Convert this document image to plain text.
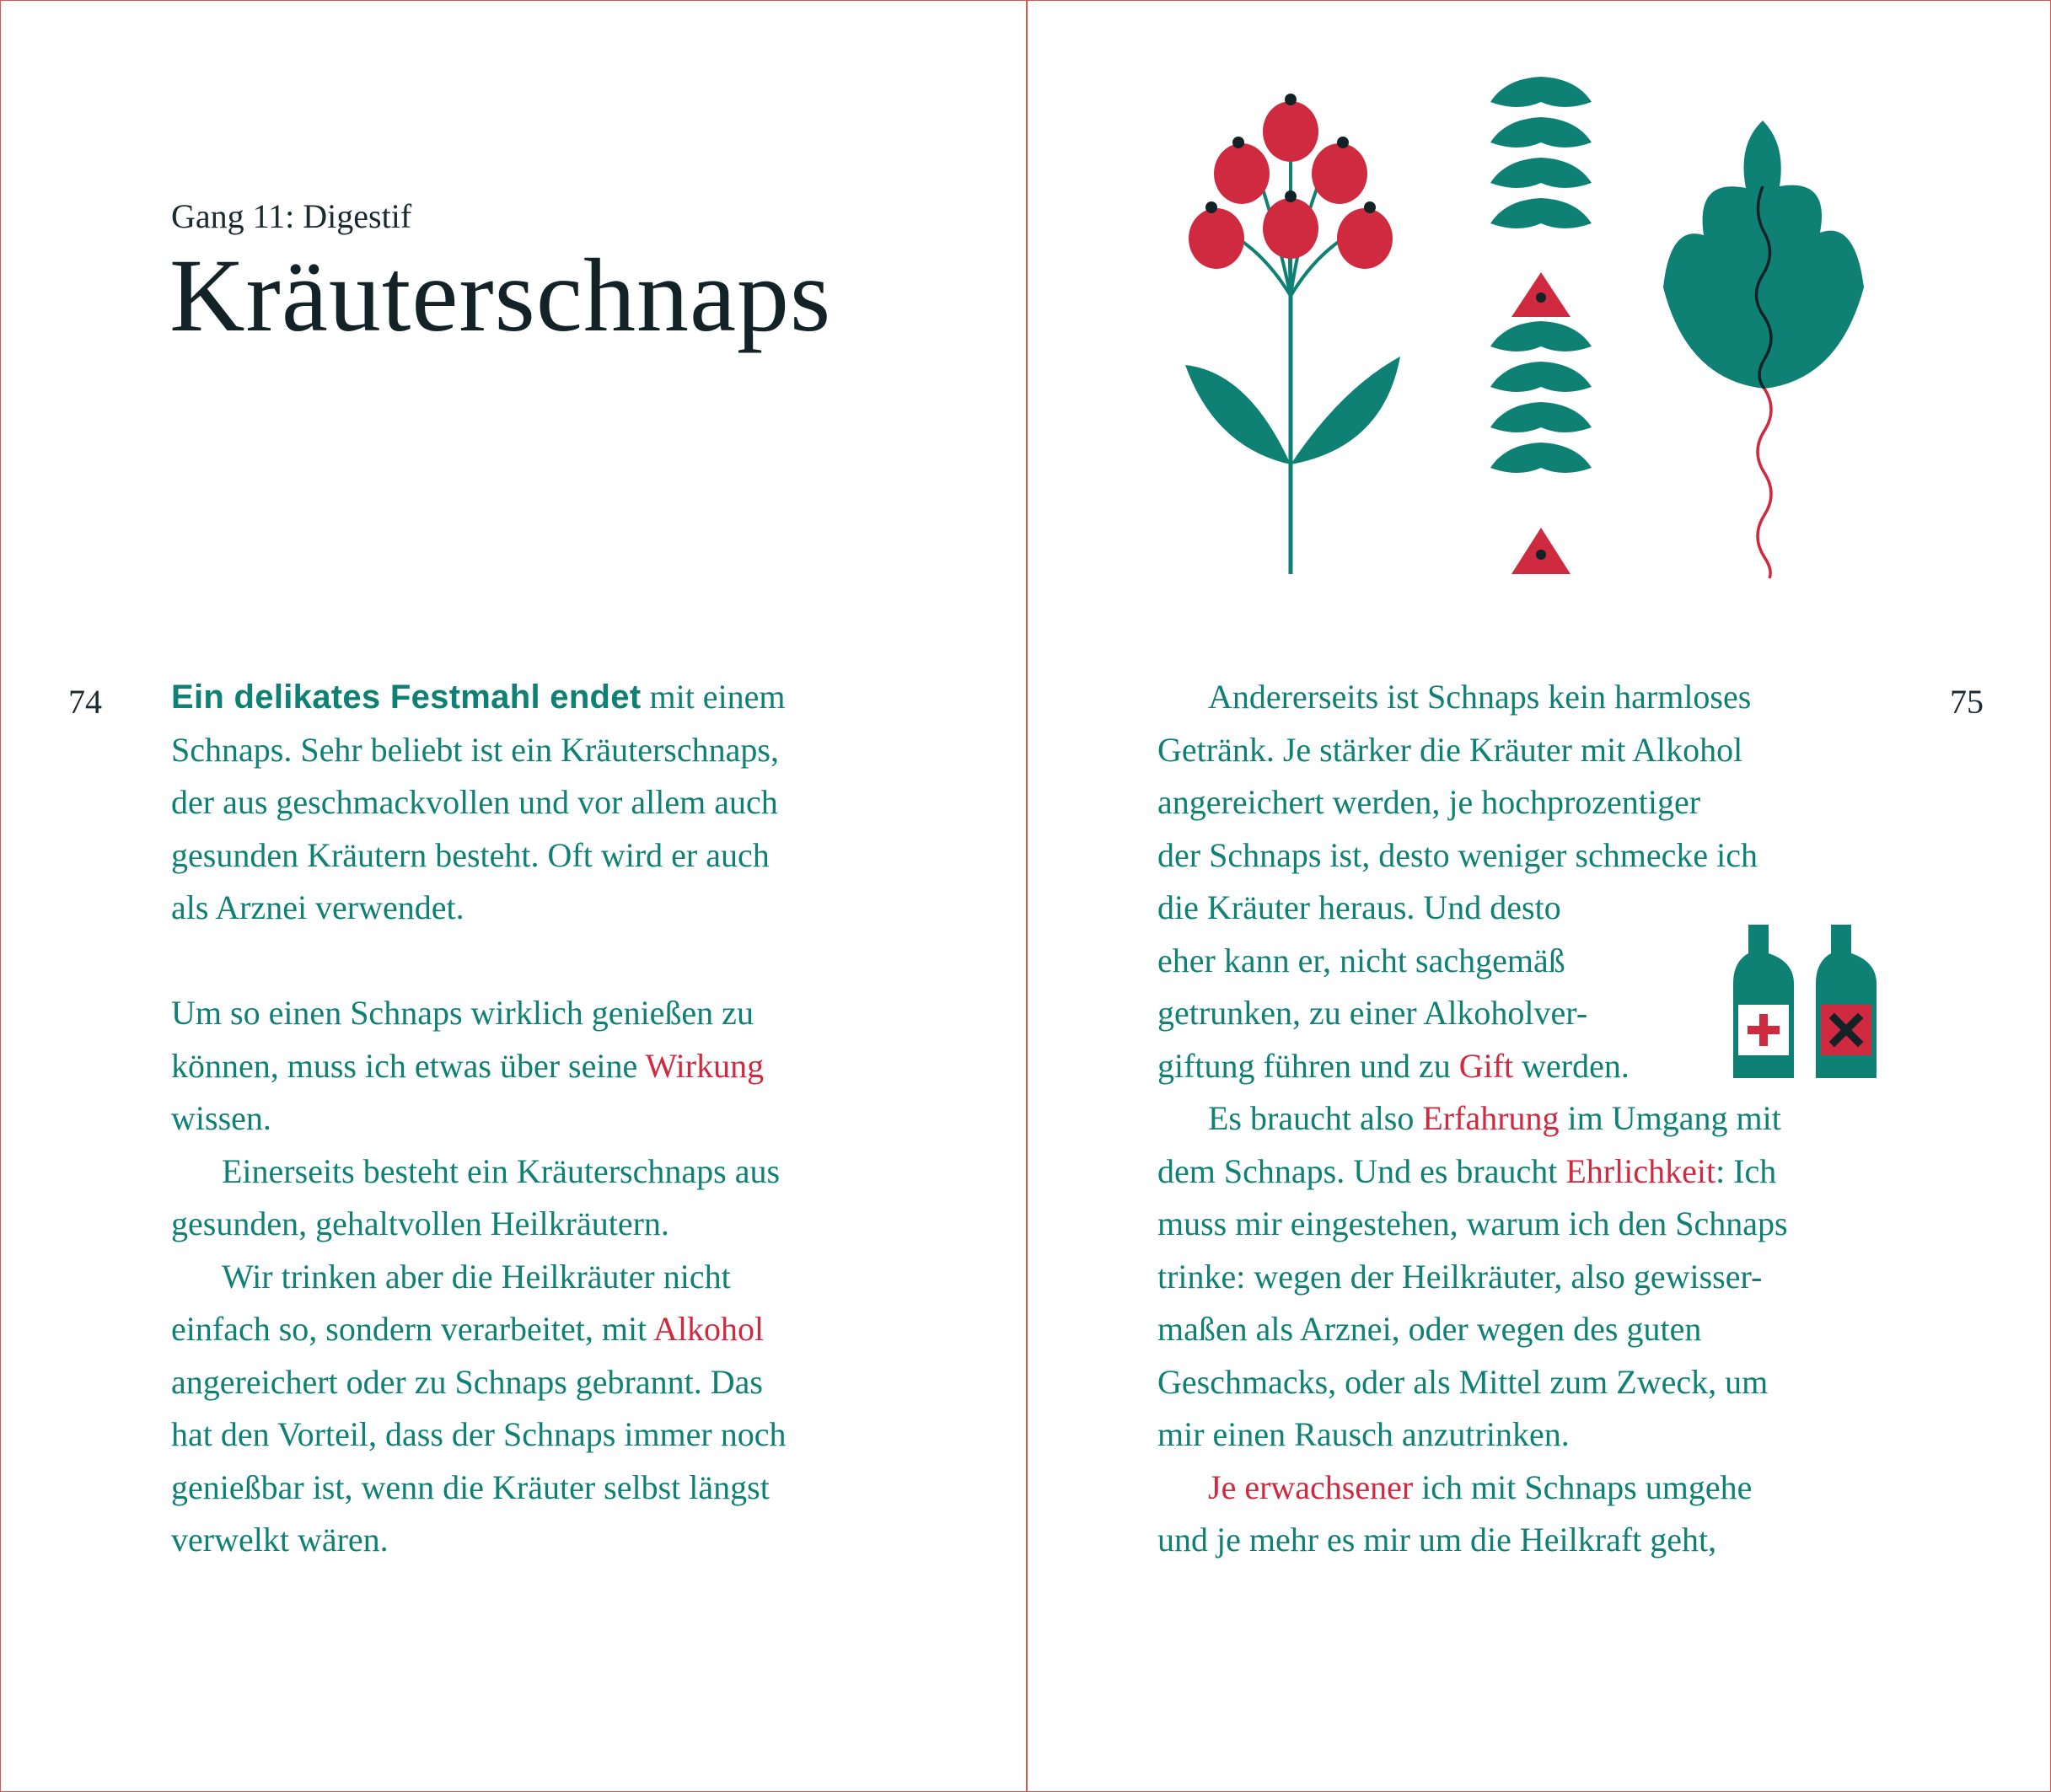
Gang 11: Digestif
Kräuterschnaps
74 Ein delikates Festmahl endet mit einem
Schnaps. Sehr beliebt ist ein Kräuterschnaps,
der aus geschmackvollen und vor allem auch
gesunden Kräutern besteht. Oft wird er auch
als Arznei verwendet.
Um so einen Schnaps wirklich genießen zu
können, muss ich etwas über seine Wirkung
wissen.
Einerseits besteht ein Kräuterschnaps aus
gesunden, gehaltvollen Heilkräutern.
Wir trinken aber die Heilkräuter nicht
einfach so, sondern verarbeitet, mit Alkohol
angereichert oder zu Schnaps gebrannt. Das
hat den Vorteil, dass der Schnaps immer noch
genießbar ist, wenn die Kräuter selbst längst
verwelkt wären.
75
Andererseits ist Schnaps kein harmloses
Getränk. Je stärker die Kräuter mit Alkohol
angereichert werden, je hochprozentiger
der Schnaps ist, desto weniger schmecke ich
die Kräuter heraus. Und desto
eher kann er, nicht sachgemäß
getrunken, zu einer Alkoholver-
giftung führen und zu Gift werden.
Es braucht also Erfahrung im Umgang mit
dem Schnaps. Und es braucht Ehrlichkeit: Ich
muss mir eingestehen, warum ich den Schnaps
trinke: wegen der Heilkräuter, also gewisser-
maßen als Arznei, oder wegen des guten
Geschmacks, oder als Mittel zum Zweck, um
mir einen Rausch anzutrinken.
Je erwachsener ich mit Schnaps umgehe
und je mehr es mir um die Heilkraft geht,
